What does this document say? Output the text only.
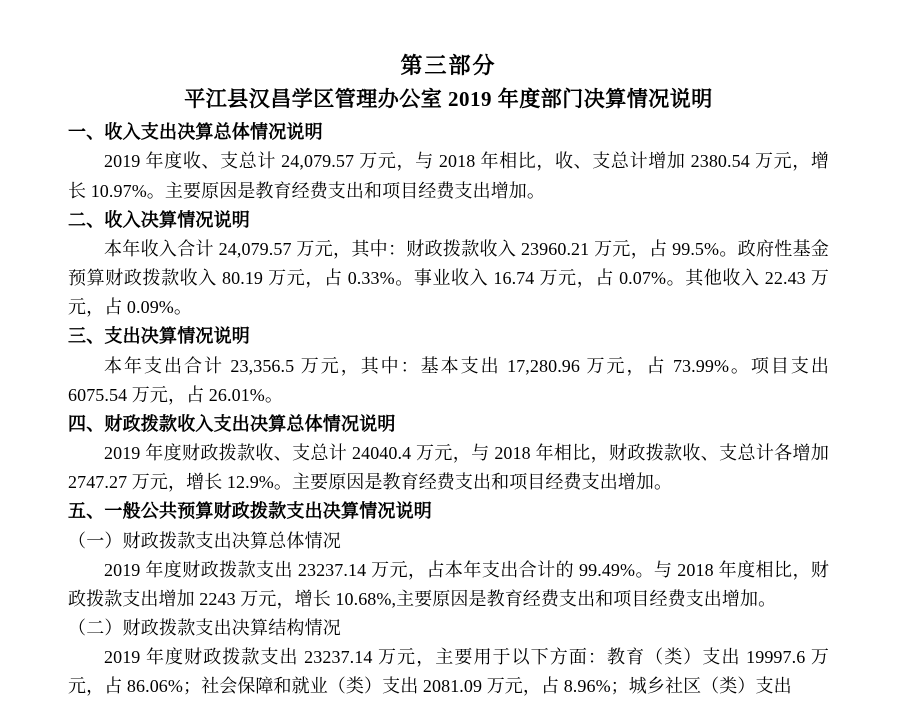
第三部分
平江县汉昌学区管理办公室 2019 年度部门决算情况说明

一、收入支出决算总体情况说明

2019 年度收、支总计 24,079.57 万元，与 2018 年相比，收、支总计增加 2380.54 万元，增长 10.97%。主要原因是教育经费支出和项目经费支出增加。

二、收入决算情况说明

本年收入合计 24,079.57 万元，其中：财政拨款收入 23960.21 万元，占 99.5%。政府性基金预算财政拨款收入 80.19 万元，占 0.33%。事业收入 16.74 万元，占 0.07%。其他收入 22.43 万元，占 0.09%。

三、支出决算情况说明

本年支出合计 23,356.5 万元，其中：基本支出 17,280.96 万元，占 73.99%。项目支出 6075.54 万元，占 26.01%。

四、财政拨款收入支出决算总体情况说明

2019 年度财政拨款收、支总计 24040.4 万元，与 2018 年相比，财政拨款收、支总计各增加 2747.27 万元，增长 12.9%。主要原因是教育经费支出和项目经费支出增加。

五、一般公共预算财政拨款支出决算情况说明

（一）财政拨款支出决算总体情况

2019 年度财政拨款支出 23237.14 万元，占本年支出合计的 99.49%。与 2018 年度相比，财政拨款支出增加 2243 万元，增长 10.68%,主要原因是教育经费支出和项目经费支出增加。

（二）财政拨款支出决算结构情况

2019 年度财政拨款支出 23237.14 万元，主要用于以下方面：教育（类）支出 19997.6 万元，占 86.06%；社会保障和就业（类）支出 2081.09 万元，占 8.96%；城乡社区（类）支出
